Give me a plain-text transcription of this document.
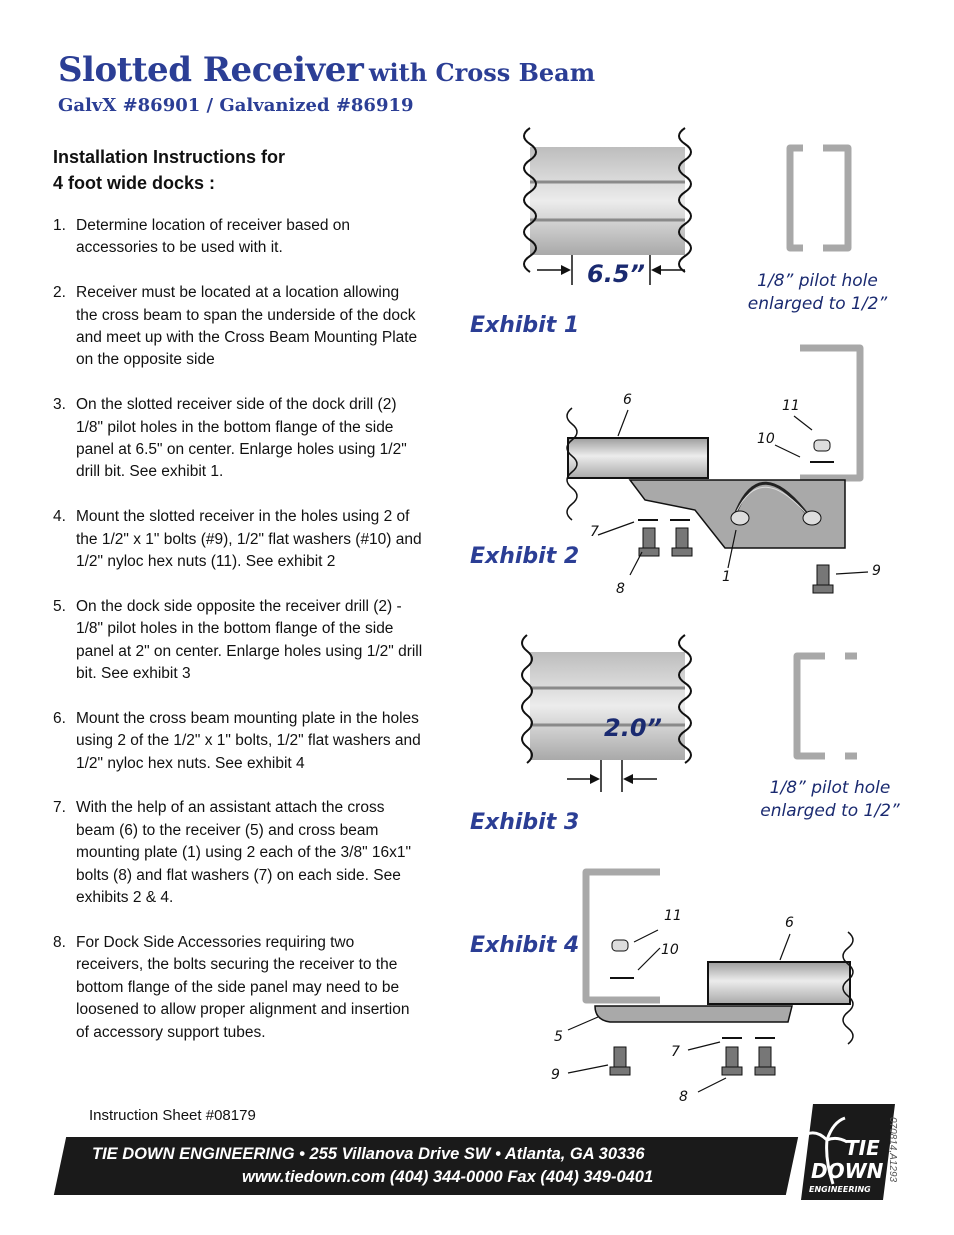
Slotted Receiver with Cross Beam
GalvX #86901 / Galvanized #86919
Installation Instructions for
4 foot wide docks :
1. Determine location of receiver based on accessories to be used with it.
2. Receiver must be located at a location allowing the cross beam to span the underside of the dock and meet up with the Cross Beam Mounting Plate on the opposite side
3. On the slotted receiver side of the dock drill (2) 1/8" pilot holes in the bottom flange of the side panel at 6.5" on center. Enlarge holes using 1/2" drill bit. See exhibit 1.
4. Mount the slotted receiver in the holes using 2 of the 1/2" x 1" bolts (#9), 1/2" flat washers (#10) and 1/2" nyloc hex nuts (11). See exhibit 2
5. On the dock side opposite the receiver drill (2) - 1/8" pilot holes in the bottom flange of the side panel at 2" on center. Enlarge holes using 1/2" drill bit. See exhibit 3
6. Mount the cross beam mounting plate in the holes using 2 of the 1/2" x 1" bolts, 1/2" flat washers and 1/2" nyloc hex nuts. See exhibit 4
7. With the help of an assistant attach the cross beam (6) to the receiver (5) and cross beam mounting plate (1) using 2 each of the 3/8" 16x1" bolts (8) and flat washers (7) on each side. See exhibits 2 & 4.
8. For Dock Side Accessories requiring two receivers, the bolts securing the receiver to the bottom flange of the side panel may need to be loosened to allow proper alignment and insertion of accessory support tubes.
Instruction Sheet #08179
6.5”	1/8” pilot hole
enlarged to 1/2”
Exhibit 1
6	11
10
7
8
1	9
Exhibit 2
2.0”
1/8” pilot hole
enlarged to 1/2”
Exhibit 3
11
10
6
5
9
7
8
Exhibit 4
TIE DOWN ENGINEERING • 255 Villanova Drive SW • Atlanta, GA 30336
www.tiedown.com (404) 344-0000 Fax (404) 349-0401
TIE
DOWN
ENGINEERING
070814,A1293
